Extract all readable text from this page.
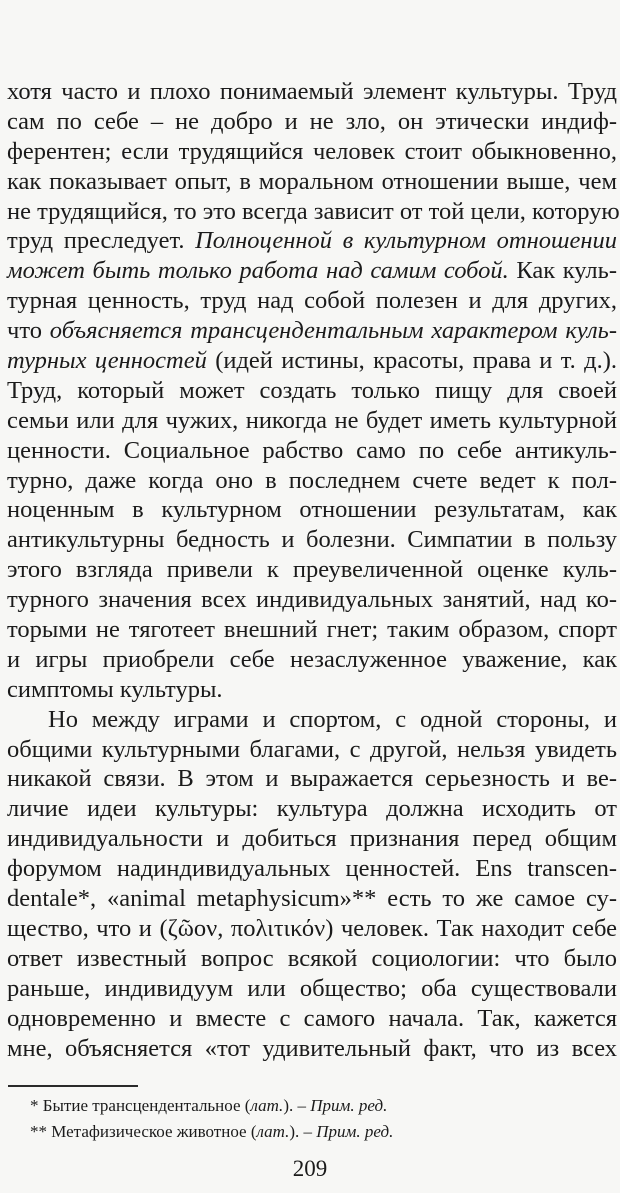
хотя часто и плохо понимаемый элемент культуры. Труд
сам по себе – не добро и не зло, он этически индиф-
ферентен; если трудящийся человек стоит обыкновенно,
как показывает опыт, в моральном отношении выше, чем
не трудящийся, то это всегда зависит от той цели, которую
труд преследует. Полноценной в культурном отношении
может быть только работа над самим собой. Как куль-
турная ценность, труд над собой полезен и для других,
что объясняется трансцендентальным характером куль-
турных ценностей (идей истины, красоты, права и т. д.).
Труд, который может создать только пищу для своей
семьи или для чужих, никогда не будет иметь культурной
ценности. Социальное рабство само по себе антикуль-
турно, даже когда оно в последнем счете ведет к пол-
ноценным в культурном отношении результатам, как
антикультурны бедность и болезни. Симпатии в пользу
этого взгляда привели к преувеличенной оценке куль-
турного значения всех индивидуальных занятий, над ко-
торыми не тяготеет внешний гнет; таким образом, спорт
и игры приобрели себе незаслуженное уважение, как
симптомы культуры.
Но между играми и спортом, с одной стороны, и
общими культурными благами, с другой, нельзя увидеть
никакой связи. В этом и выражается серьезность и ве-
личие идеи культуры: культура должна исходить от
индивидуальности и добиться признания перед общим
форумом надиндивидуальных ценностей. Ens transcen-
dentale*, «animal metaphysicum»** есть то же самое су-
щество, что и (ζῶον, πολιτικόν) человек. Так находит себе
ответ известный вопрос всякой социологии: что было
раньше, индивидуум или общество; оба существовали
одновременно и вместе с самого начала. Так, кажется
мне, объясняется «тот удивительный факт, что из всех
* Бытие трансцендентальное (лат.). – Прим. ред.
** Метафизическое животное (лат.). – Прим. ред.
209
